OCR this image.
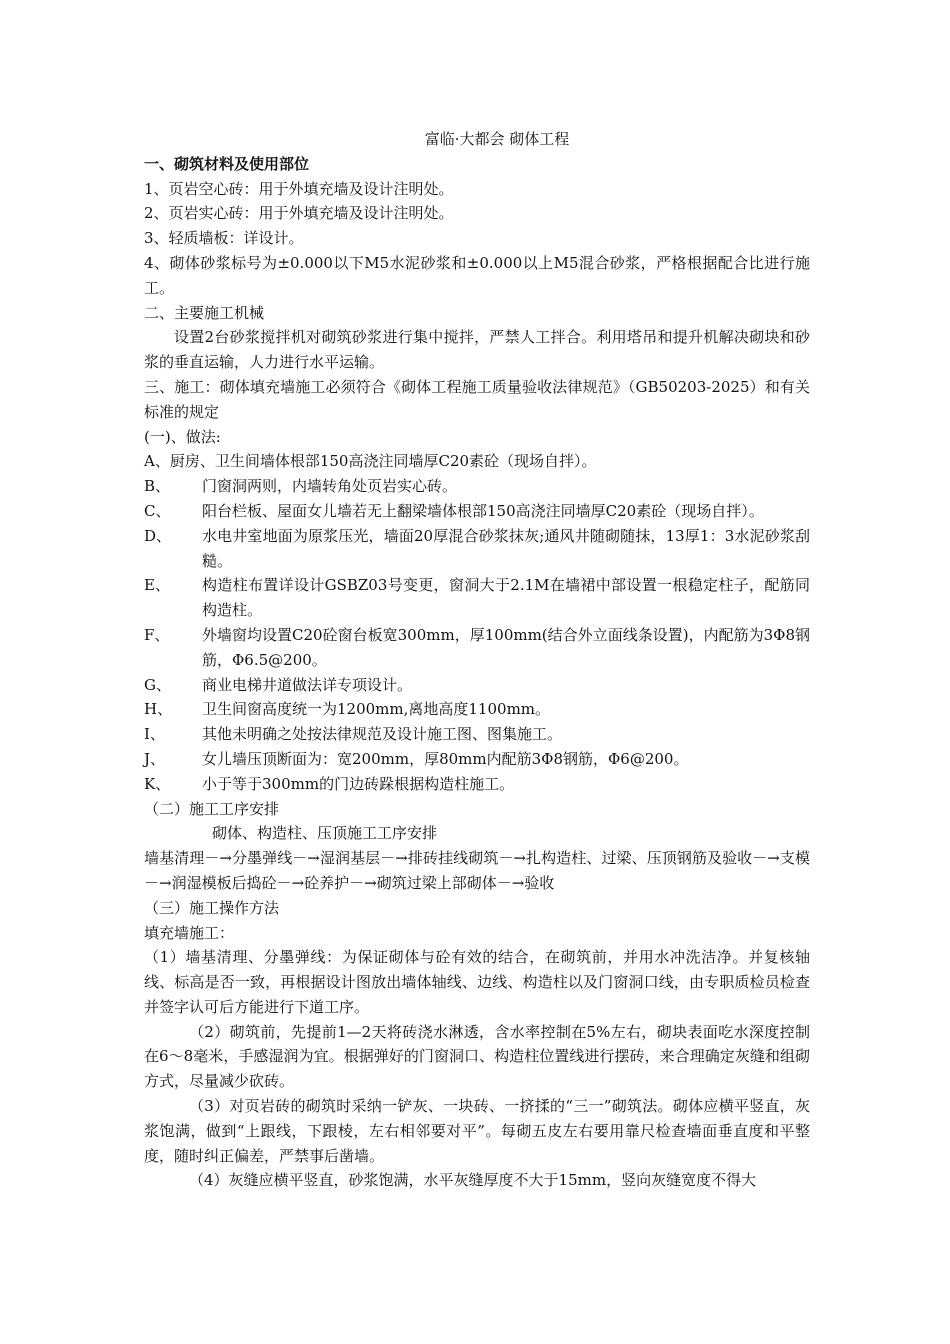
富临·大都会 砌体工程
一、砌筑材料及使用部位
1、页岩空心砖：用于外填充墙及设计注明处。
2、页岩实心砖：用于外填充墙及设计注明处。
3、轻质墙板：详设计。
4、砌体砂浆标号为±0.000以下M5水泥砂浆和±0.000以上M5混合砂浆，严格根据配合比进行施工。
二、主要施工机械
设置2台砂浆搅拌机对砌筑砂浆进行集中搅拌，严禁人工拌合。利用塔吊和提升机解决砌块和砂浆的垂直运输，人力进行水平运输。
三、施工：砌体填充墙施工必须符合《砌体工程施工质量验收法律规范》（GB50203-2025）和有关标准的规定
(一)、做法:
A、厨房、卫生间墙体根部150高浇注同墙厚C20素砼（现场自拌）。
B、	门窗洞两则，内墙转角处页岩实心砖。
C、	阳台栏板、屋面女儿墙若无上翻梁墙体根部150高浇注同墙厚C20素砼（现场自拌）。
D、	水电井室地面为原浆压光，墙面20厚混合砂浆抹灰;通风井随砌随抹，13厚1：3水泥砂浆刮糙。
E、	构造柱布置详设计GSBZ03号变更，窗洞大于2.1M在墙裙中部设置一根稳定柱子，配筋同构造柱。
F、	外墙窗均设置C20砼窗台板宽300mm，厚100mm(结合外立面线条设置)，内配筋为3Φ8钢筋，Φ6.5@200。
G、	商业电梯井道做法详专项设计。
H、	卫生间窗高度统一为1200mm,离地高度1100mm。
I、	其他未明确之处按法律规范及设计施工图、图集施工。
J、	女儿墙压顶断面为：宽200mm，厚80mm内配筋3Φ8钢筋，Φ6@200。
K、	小于等于300mm的门边砖跺根据构造柱施工。
（二）施工工序安排
砌体、构造柱、压顶施工工序安排
墙基清理－→分墨弹线－→湿润基层－→排砖挂线砌筑－→扎构造柱、过梁、压顶钢筋及验收－→支模－→润湿模板后捣砼－→砼养护－→砌筑过梁上部砌体－→验收
（三）施工操作方法
填充墙施工：
（1）墙基清理、分墨弹线：为保证砌体与砼有效的结合，在砌筑前，并用水冲洗洁净。并复核轴线、标高是否一致，再根据设计图放出墙体轴线、边线、构造柱以及门窗洞口线，由专职质检员检查并签字认可后方能进行下道工序。
（2）砌筑前，先提前1—2天将砖浇水淋透，含水率控制在5%左右，砌块表面吃水深度控制在6～8毫米，手感湿润为宜。根据弹好的门窗洞口、构造柱位置线进行摆砖，来合理确定灰缝和组砌方式，尽量减少砍砖。
（3）对页岩砖的砌筑时采纳一铲灰、一块砖、一挤揉的“三一”砌筑法。砌体应横平竖直，灰浆饱满，做到“上跟线，下跟棱，左右相邻要对平”。每砌五皮左右要用靠尺检查墙面垂直度和平整度，随时纠正偏差，严禁事后凿墙。
（4）灰缝应横平竖直，砂浆饱满，水平灰缝厚度不大于15mm，竖向灰缝宽度不得大
